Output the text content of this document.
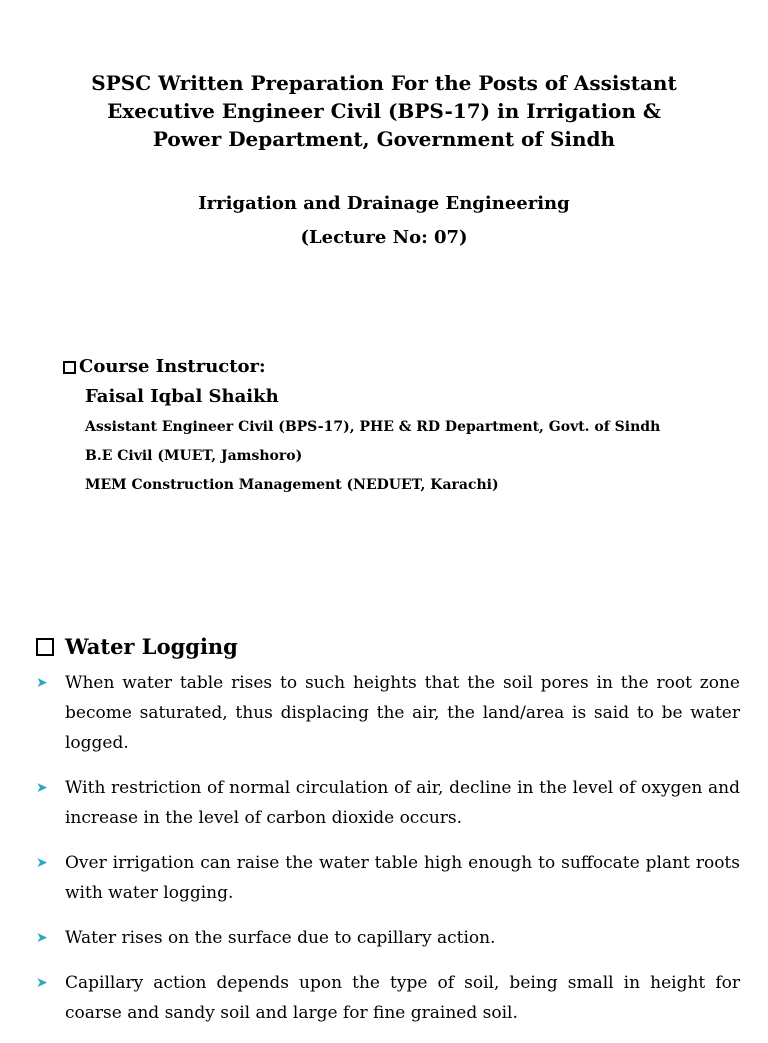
SPSC Written Preparation For the Posts of Assistant
Executive Engineer Civil (BPS-17) in Irrigation &
Power Department, Government of Sindh
Irrigation and Drainage Engineering
(Lecture No: 07)
Course Instructor:
Faisal Iqbal Shaikh
Assistant Engineer Civil (BPS-17), PHE & RD Department, Govt. of Sindh
B.E Civil (MUET, Jamshoro)
MEM Construction Management (NEDUET, Karachi)
Water Logging
➤	When water table rises to such heights that the soil pores in the root zone become saturated, thus displacing the air, the land/area is said to be water logged.
➤	With restriction of normal circulation of air, decline in the level of oxygen and increase in the level of carbon dioxide occurs.
➤	Over irrigation can raise the water table high enough to suffocate plant roots with water logging.
➤	Water rises on the surface due to capillary action.
➤	Capillary action depends upon the type of soil, being small in height for coarse and sandy soil and large for fine grained soil.
